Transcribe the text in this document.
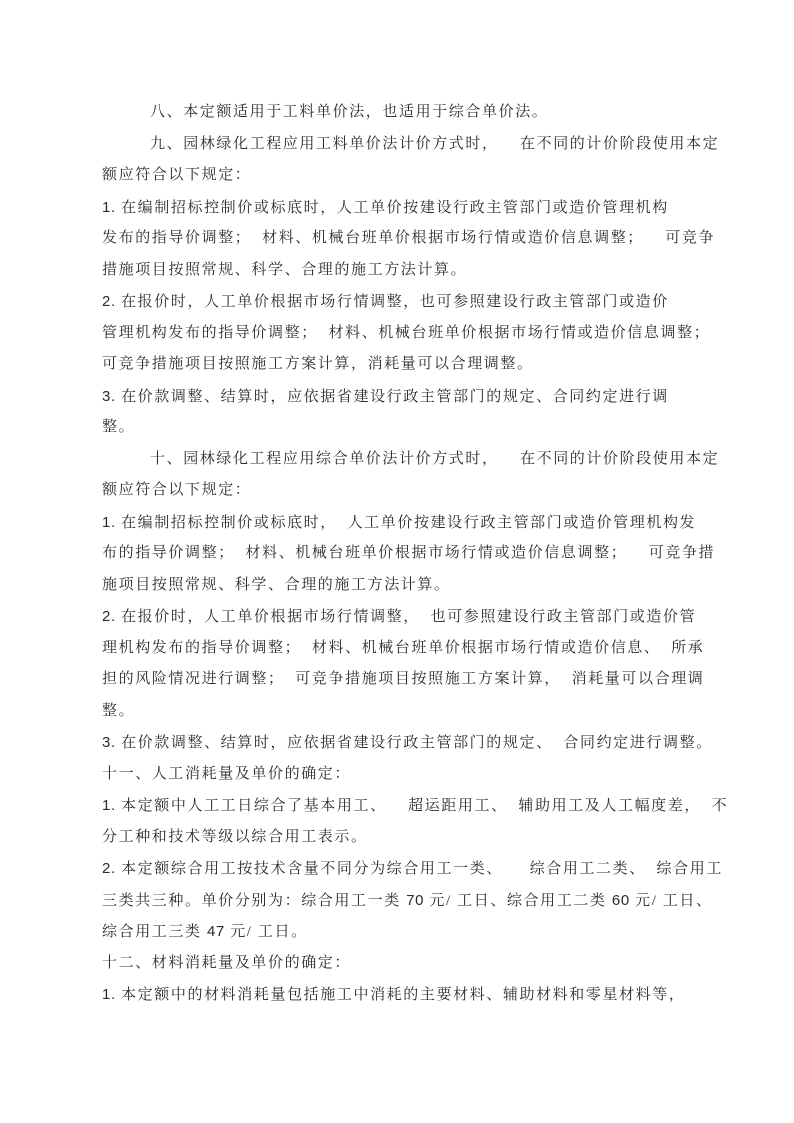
八、本定额适用于工料单价法，也适用于综合单价法。
九、园林绿化工程应用工料单价法计价方式时，    在不同的计价阶段使用本定
额应符合以下规定：
1. 在编制招标控制价或标底时，人工单价按建设行政主管部门或造价管理机构
发布的指导价调整；  材料、机械台班单价根据市场行情或造价信息调整；    可竞争
措施项目按照常规、科学、合理的施工方法计算。
2. 在报价时，人工单价根据市场行情调整，也可参照建设行政主管部门或造价
管理机构发布的指导价调整；  材料、机械台班单价根据市场行情或造价信息调整；
可竞争措施项目按照施工方案计算，消耗量可以合理调整。
3. 在价款调整、结算时，应依据省建设行政主管部门的规定、合同约定进行调
整。
十、园林绿化工程应用综合单价法计价方式时，    在不同的计价阶段使用本定
额应符合以下规定：
1. 在编制招标控制价或标底时，  人工单价按建设行政主管部门或造价管理机构发
布的指导价调整；  材料、机械台班单价根据市场行情或造价信息调整；    可竞争措
施项目按照常规、科学、合理的施工方法计算。
2. 在报价时，人工单价根据市场行情调整，  也可参照建设行政主管部门或造价管
理机构发布的指导价调整；  材料、机械台班单价根据市场行情或造价信息、  所承
担的风险情况进行调整；  可竞争措施项目按照施工方案计算，  消耗量可以合理调
整。
3. 在价款调整、结算时，应依据省建设行政主管部门的规定、  合同约定进行调整。
十一、人工消耗量及单价的确定：
1. 本定额中人工工日综合了基本用工、    超运距用工、  辅助用工及人工幅度差，  不
分工种和技术等级以综合用工表示。
2. 本定额综合用工按技术含量不同分为综合用工一类、     综合用工二类、  综合用工
三类共三种。单价分别为：综合用工一类 70 元/ 工日、综合用工二类 60 元/ 工日、
综合用工三类 47 元/ 工日。
十二、材料消耗量及单价的确定：
1. 本定额中的材料消耗量包括施工中消耗的主要材料、辅助材料和零星材料等，
